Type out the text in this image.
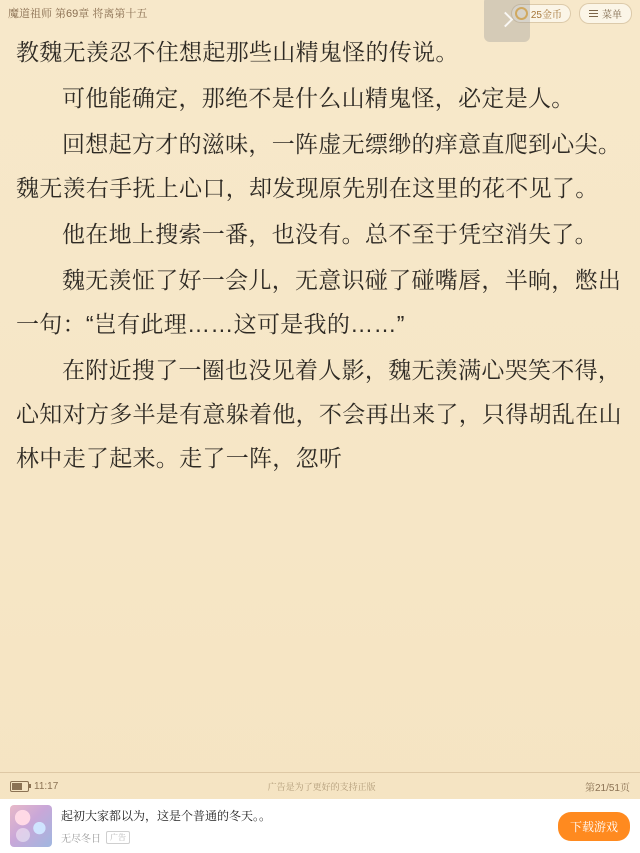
魔道祖师 第69章 将离第十五	25金币	菜单

教魏无羡忍不住想起那些山精鬼怪的传说。

可他能确定，那绝不是什么山精鬼怪，必定是人。

回想起方才的滋味，一阵虚无缥缈的痒意直爬到心尖。魏无羡右手抚上心口，却发现原先别在这里的花不见了。

他在地上搜索一番，也没有。总不至于凭空消失了。

魏无羡怔了好一会儿，无意识碰了碰嘴唇，半晌，憋出一句：“岂有此理……这可是我的……”

在附近搜了一圈也没见着人影，魏无羡满心哭笑不得，心知对方多半是有意躲着他，不会再出来了，只得胡乱在山林中走了起来。走了一阵，忽听

11:17	广告是为了更好的支持正版	第21/51页
起初大家都以为，这是个普通的冬天。。
无尽冬日	广告
下载游戏
